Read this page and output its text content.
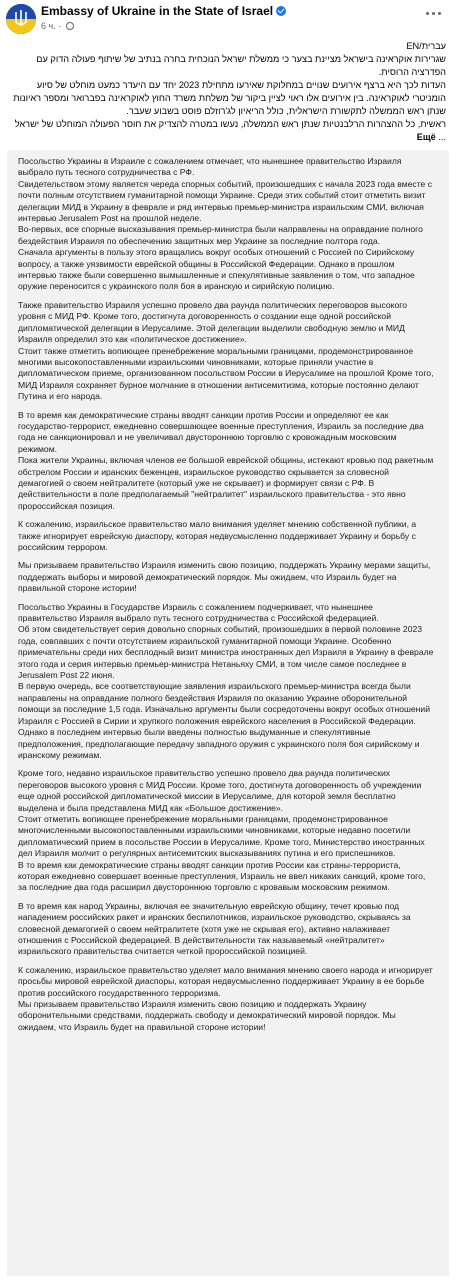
Embassy of Ukraine in the State of Israel
6 ч. ·

עברית/EN

שגרירות אוקראינה בישראל מציינת בצער כי ממשלת ישראל הנוכחית בחרה בנתיב של שיתוף פעולה הדוק עם הפדרציה הרוסית.

העדות לכך היא ברצף אירועים שנויים במחלוקת שאירעו מתחילת 2023 יחד עם היעדר כמעט מוחלט של סיוע הומניטרי לאוקראינה. בין אירועים אלו ראוי לציין ביקור של משלחת משרד החוץ לאוקראינה בפברואר ומספר ראיונות שנתן ראש הממשלה לתקשורת הישראלית, כולל הריאיון לג'רוזלם פוסט בשבוע שעבר.

ראשית, כל ההצהרות הרלבנטיות שנתן ראש הממשלה, נעשו במטרה להצדיק את חוסר הפעולה המוחלט של ישראל ... Ещё

Посольство Украины в Израиле с сожалением отмечает, что нынешнее правительство Израиля выбрало путь тесного сотрудничества с РФ.
Свидетельством этому является череда спорных событий, произошедших с начала 2023 года вместе с почти полным отсутствием гуманитарной помощи Украине. Среди этих событий стоит отметить визит делегации МИД в Украину в феврале и ряд интервью премьер-министра израильским СМИ, включая интервью Jerusalem Post на прошлой неделе.
Во-первых, все спорные высказывания премьер-министра были направлены на оправдание полного бездействия Израиля по обеспечению защитных мер Украине за последние полтора года.
Сначала аргументы в пользу этого вращались вокруг особых отношений с Россией по Сирийскому вопросу, а также уязвимости еврейской общины в Российской Федерации. Однако в прошлом интервью также были совершенно вымышленные и спекулятивные заявления о том, что западное оружие переносится с украинского поля боя в иранскую и сирийскую полицию.

Также правительство Израиля успешно провело два раунда политических переговоров высокого уровня с МИД РФ. Кроме того, достигнута договоренность о создании еще одной российской дипломатической делегации в Иерусалиме. Этой делегации выделили свободную землю и МИД Израиля определил это как «политическое достижение».
Стоит также отметить вопиющее пренебрежение моральными границами, продемонстрированное многими высокопоставленными израильскими чиновниками, которые приняли участие в дипломатическом приеме, организованном посольством России в Иерусалиме на прошлой Кроме того, МИД Израиля сохраняет бурное молчание в отношении антисемитизма, которые постоянно делают Путина и его народа.

В то время как демократические страны вводят санкции против России и определяют ее как государство-террорист, ежедневно совершающее военные преступления, Израиль за последние два года не санкционировал и не увеличивал двустороннюю торговлю с кровожадным московским режимом.
Пока жители Украины, включая членов ее большой еврейской общины, истекают кровью под ракетным обстрелом России и иранских беженцев, израильское руководство скрывается за словесной демагогией о своем нейтралитете (который уже не скрывает) и формирует связи с РФ. В действительности в поле предполагаемый "нейтралитет" израильского правительства - это явно пророссийская позиция.

К сожалению, израильское правительство мало внимания уделяет мнению собственной публики, а также игнорирует еврейскую диаспору, которая недвусмысленно поддерживает Украину и борьбу с российским террором.

Мы призываем правительство Израиля изменить свою позицию, поддержать Украину мерами защиты, поддержать выборы и мировой демократический порядок. Мы ожидаем, что Израиль будет на правильной стороне истории!

Посольство Украины в Государстве Израиль с сожалением подчеркивает, что нынешнее правительство Израиля выбрало путь тесного сотрудничества с Российской федерацией.
Об этом свидетельствует серия довольно спорных событий, произошедших в первой половине 2023 года, совпавших с почти отсутствием израильской гуманитарной помощи Украине. Особенно примечательны среди них бесплодный визит министра иностранных дел Израиля в Украину в феврале этого года и серия интервью премьер-министра Нетаньяху СМИ, в том числе самое последнее в Jerusalem Post 22 июня.
В первую очередь, все соответствующие заявления израильского премьер-министра всегда были направлены на оправдание полного бездействия Израиля по оказанию Украине оборонительной помощи за последние 1,5 года. Изначально аргументы были сосредоточены вокруг особых отношений Израиля с Россией в Сирии и хрупкого положения еврейского населения в Российской Федерации. Однако в последнем интервью были введены полностью выдуманные и спекулятивные предположения, предполагающие передачу западного оружия с украинского поля боя сирийскому и иранскому режимам.

Кроме того, недавно израильское правительство успешно провело два раунда политических переговоров высокого уровня с МИД России. Кроме того, достигнута договоренность об учреждении еще одной российской дипломатической миссии в Иерусалиме, для которой земля бесплатно выделена и была представлена МИД как «Большое достижение».
Стоит отметить вопиющее пренебрежение моральными границами, продемонстрированное многочисленными высокопоставленными израильскими чиновниками, которые недавно посетили дипломатический прием в посольстве России в Иерусалиме. Кроме того, Министерство иностранных дел Израиля молчит о регулярных антисемитских высказываниях путина и его приспешников.
В то время как демократические страны вводят санкции против России как страны-террориста, которая ежедневно совершает военные преступления, Израиль не ввел никаких санкций, кроме того, за последние два года расширил двустороннюю торговлю с кровавым московским режимом.

В то время как народ Украины, включая ее значительную еврейскую общину, течет кровью под нападением российских ракет и иранских беспилотников, израильское руководство, скрываясь за словесной демагогией о своем нейтралитете (хотя уже не скрывая его), активно налаживает отношения с Российской федерацией. В действительности так называемый «нейтралитет» израильского правительства считается четкой пророссийской позицией.

К сожалению, израильское правительство уделяет мало внимания мнению своего народа и игнорирует просьбы мировой еврейской диаспоры, которая недвусмысленно поддерживает Украину в ее борьбе против российского государственного терроризма.
Мы призываем правительство Израиля изменить свою позицию и поддержать Украину оборонительными средствами, поддержать свободу и демократический мировой порядок. Мы ожидаем, что Израиль будет на правильной стороне истории!
